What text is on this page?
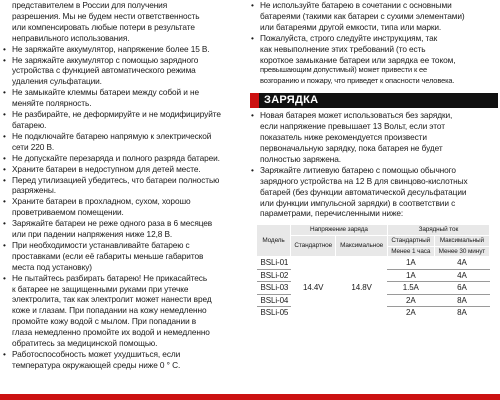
представителем в России для получения
разрешения. Мы не будем нести ответственность
или компенсировать любые потери в результате
неправильного использования.
• Не заряжайте аккумулятор, напряжение более 15 В.
• Не заряжайте аккумулятор с помощью зарядного
устройства с функцией автоматического режима
удаления сульфатации.
• Не замыкайте клеммы батареи между собой и не
меняйте полярность.
• Не разбирайте, не деформируйте и не модифицируйте
батарею.
• Не подключайте батарею напрямую к электрической
сети 220 В.
• Не допускайте перезаряда и полного разряда батареи.
• Храните батареи в недоступном для детей месте.
• Перед утилизацией убедитесь, что батареи полностью
разряжены.
• Храните батареи в прохладном, сухом, хорошо
проветриваемом помещении.
• Заряжайте батареи не реже одного раза в 6 месяцев
или при падении напряжения ниже 12,8 В.
• При необходимости устанавливайте батарею с
проставками (если её габариты меньше габаритов
места под установку)
• Не пытайтесь разбирать батарею! Не прикасайтесь
к батарее не защищенными руками при утечке
электролита, так как электролит может нанести вред
коже и глазам. При попадании на кожу немедленно
промойте кожу водой с мылом. При попадании в
глаза немедленно промойте их водой и немедленно
обратитесь за медицинской помощью.
• Работоспособность может ухудшиться, если
температура окружающей среды ниже 0 ° С.
• Не используйте батарею в сочетании с основными
батареями (такими как батареи с сухими элементами)
или батареями другой емкости, типа или марки.
• Пожалуйста, строго следуйте инструкциям, так
как невыполнение этих требований (то есть
короткое замыкание батареи или зарядка ее током,
превышающим допустимый) может привести к ее
возгоранию и пожару, что приведет к опасности человека.
ЗАРЯДКА
• Новая батарея может использоваться без зарядки,
если напряжение превышает 13 Вольт, если этот
показатель ниже рекомендуется произвести
первоначальную зарядку, пока батарея не будет
полностью заряжена.
• Заряжайте литиевую батарею с помощью обычного
зарядного устройства на 12 В для свинцово-кислотных
батарей (без функции автоматической десульфатации
или функции импульсной зарядки) в соответствии с
параметрами, перечисленными ниже:
Модель	Напряжение заряда		Зарядный ток	
	Стандартное	Максимальное	Стандартный	Максимальный
			Менее 1 часа	Менее 30 минут
BSLi-01	14.4V	14.8V	1A	4A
BSLi-02			1A	4A
BSLi-03			1.5A	6A
BSLi-04			2A	8A
BSLi-05			2A	8A
